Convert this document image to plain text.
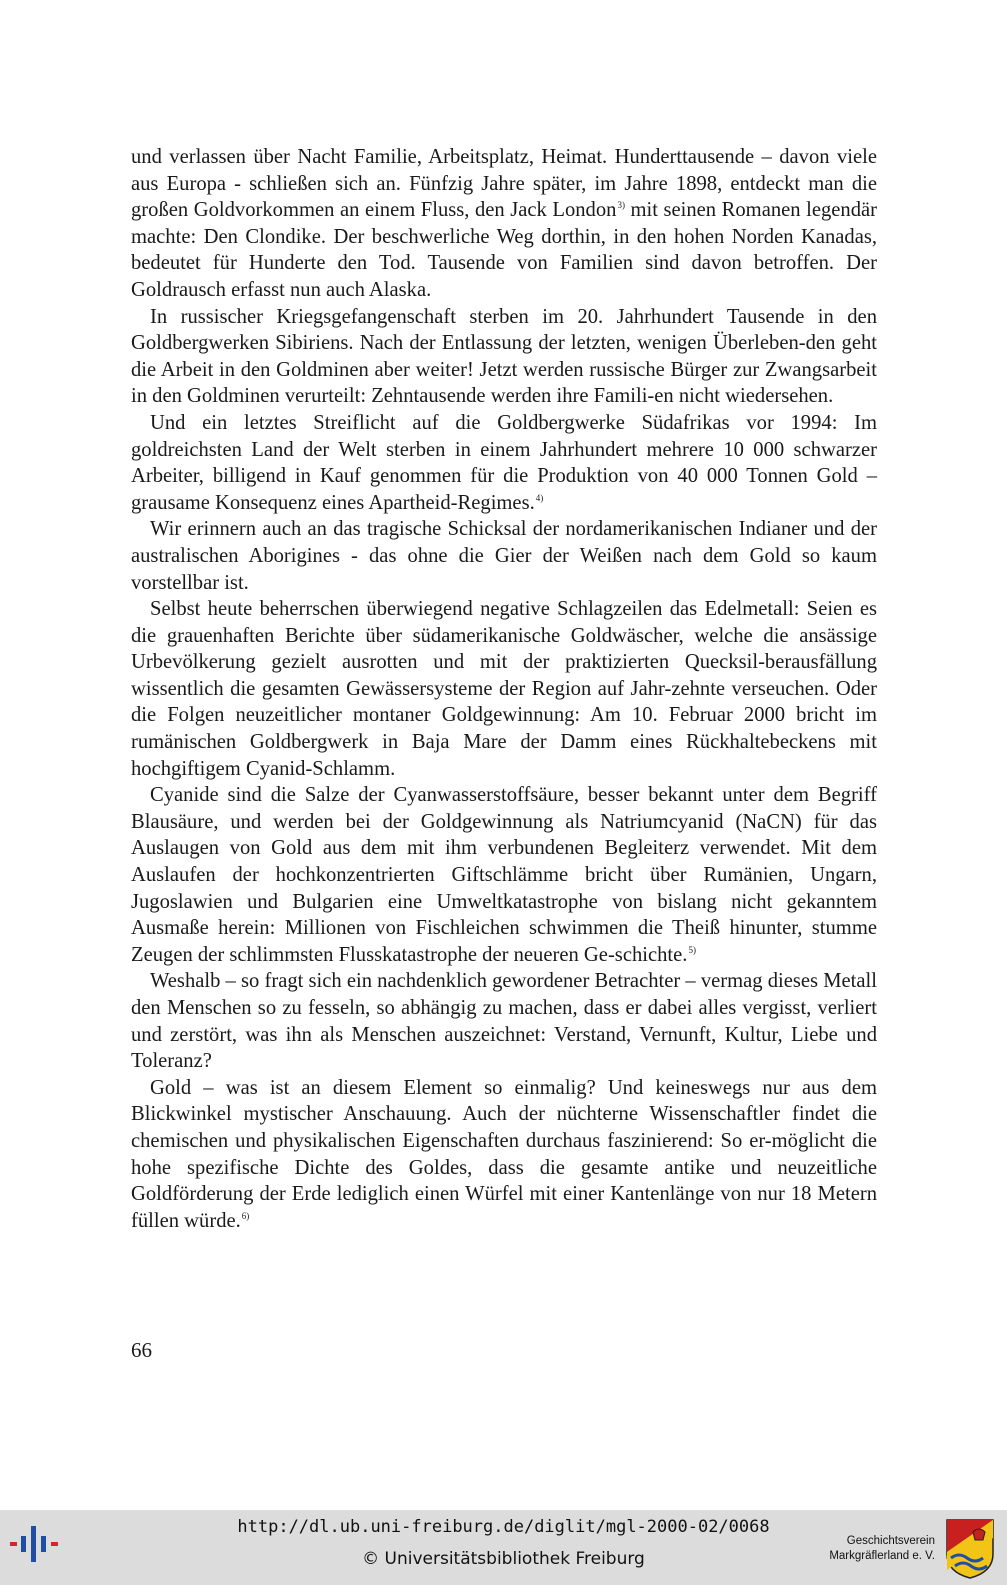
und verlassen über Nacht Familie, Arbeitsplatz, Heimat. Hunderttausende – davon viele aus Europa - schließen sich an. Fünfzig Jahre später, im Jahre 1898, entdeckt man die großen Goldvorkommen an einem Fluss, den Jack London$^{3)}$ mit seinen Romanen legendär machte: Den Clondike. Der beschwerliche Weg dorthin, in den hohen Norden Kanadas, bedeutet für Hunderte den Tod. Tausende von Familien sind davon betroffen. Der Goldrausch erfasst nun auch Alaska.

In russischer Kriegsgefangenschaft sterben im 20. Jahrhundert Tausende in den Goldbergwerken Sibiriens. Nach der Entlassung der letzten, wenigen Überleben-den geht die Arbeit in den Goldminen aber weiter! Jetzt werden russische Bürger zur Zwangsarbeit in den Goldminen verurteilt: Zehntausende werden ihre Famili-en nicht wiedersehen.

Und ein letztes Streiflicht auf die Goldbergwerke Südafrikas vor 1994: Im goldreichsten Land der Welt sterben in einem Jahrhundert mehrere 10 000 schwarzer Arbeiter, billigend in Kauf genommen für die Produktion von 40 000 Tonnen Gold – grausame Konsequenz eines Apartheid-Regimes.$^{4)}$

Wir erinnern auch an das tragische Schicksal der nordamerikanischen Indianer und der australischen Aborigines - das ohne die Gier der Weißen nach dem Gold so kaum vorstellbar ist.

Selbst heute beherrschen überwiegend negative Schlagzeilen das Edelmetall: Seien es die grauenhaften Berichte über südamerikanische Goldwäscher, welche die ansässige Urbevölkerung gezielt ausrotten und mit der praktizierten Quecksil-berausfällung wissentlich die gesamten Gewässersysteme der Region auf Jahr-zehnte verseuchen. Oder die Folgen neuzeitlicher montaner Goldgewinnung: Am 10. Februar 2000 bricht im rumänischen Goldbergwerk in Baja Mare der Damm eines Rückhaltebeckens mit hochgiftigem Cyanid-Schlamm.

Cyanide sind die Salze der Cyanwasserstoffsäure, besser bekannt unter dem Begriff Blausäure, und werden bei der Goldgewinnung als Natriumcyanid (NaCN) für das Auslaugen von Gold aus dem mit ihm verbundenen Begleiterz verwendet. Mit dem Auslaufen der hochkonzentrierten Giftschlämme bricht über Rumänien, Ungarn, Jugoslawien und Bulgarien eine Umweltkatastrophe von bislang nicht gekanntem Ausmaße herein: Millionen von Fischleichen schwimmen die Theiß hinunter, stumme Zeugen der schlimmsten Flusskatastrophe der neueren Ge-schichte.$^{5)}$

Weshalb – so fragt sich ein nachdenklich gewordener Betrachter – vermag dieses Metall den Menschen so zu fesseln, so abhängig zu machen, dass er dabei alles vergisst, verliert und zerstört, was ihn als Menschen auszeichnet: Verstand, Vernunft, Kultur, Liebe und Toleranz?

Gold – was ist an diesem Element so einmalig? Und keineswegs nur aus dem Blickwinkel mystischer Anschauung. Auch der nüchterne Wissenschaftler findet die chemischen und physikalischen Eigenschaften durchaus faszinierend: So er-möglicht die hohe spezifische Dichte des Goldes, dass die gesamte antike und neuzeitliche Goldförderung der Erde lediglich einen Würfel mit einer Kantenlänge von nur 18 Metern füllen würde.$^{6)}$

66
http://dl.ub.uni-freiburg.de/diglit/mgl-2000-02/0068
© Universitätsbibliothek Freiburg
Geschichtsverein
Markgräflerland e. V.
